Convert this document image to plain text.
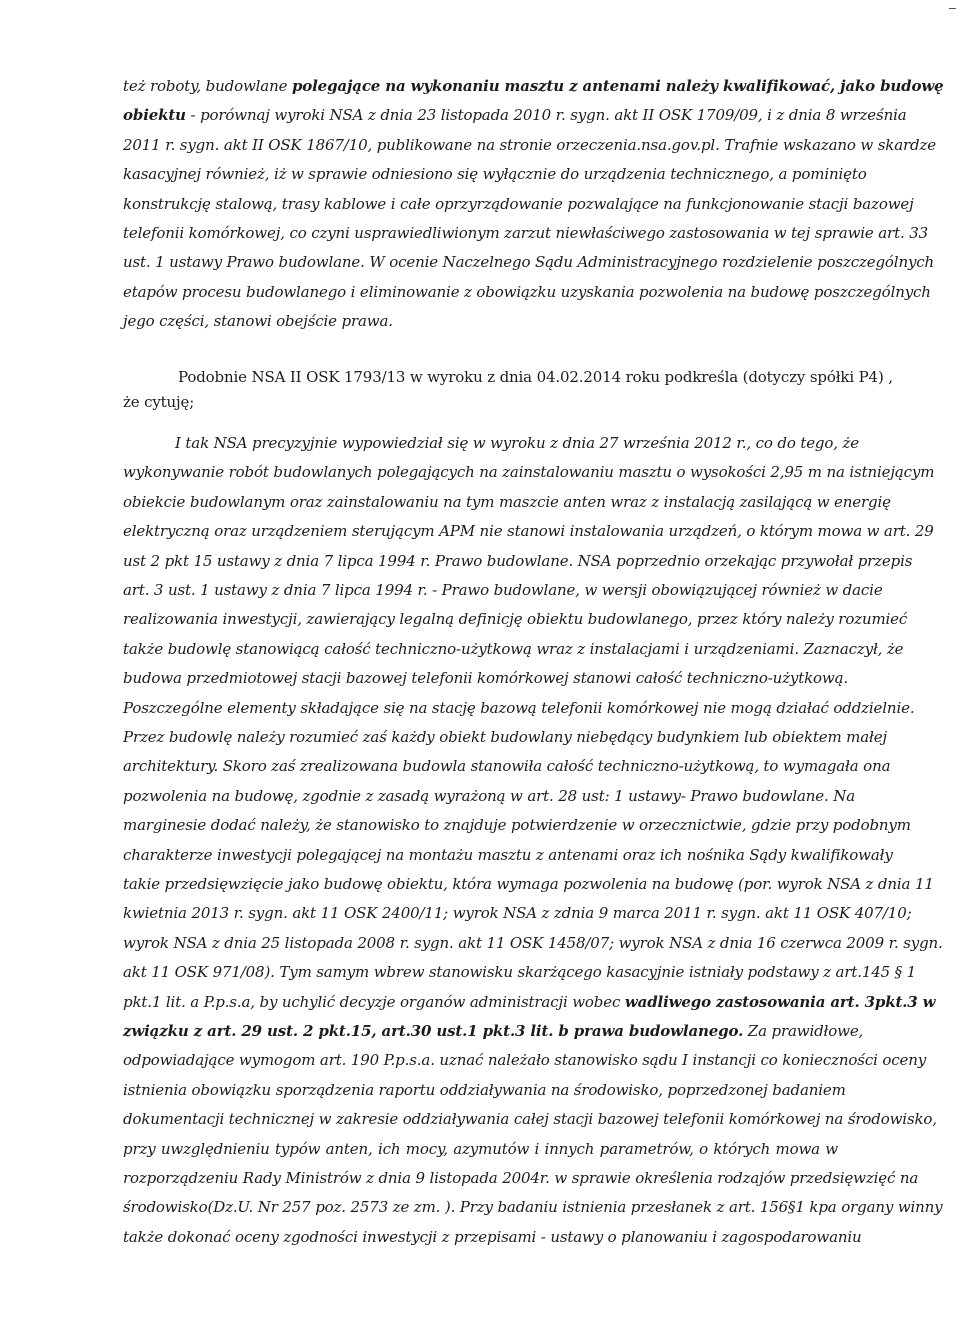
też roboty, budowlane polegające na wykonaniu masztu z antenami należy kwalifikować, jako budowę
obiektu - porównaj wyroki NSA z dnia 23 listopada 2010 r. sygn. akt II OSK 1709/09, i z dnia 8 września
2011 r. sygn. akt II OSK 1867/10, publikowane na stronie orzeczenia.nsa.gov.pl. Trafnie wskazano w skardze
kasacyjnej również, iż w sprawie odniesiono się wyłącznie do urządzenia technicznego, a pominięto
konstrukcję stalową, trasy kablowe i całe oprzyrządowanie pozwalające na funkcjonowanie stacji bazowej
telefonii komórkowej, co czyni usprawiedliwionym zarzut niewłaściwego zastosowania w tej sprawie art. 33
ust. 1 ustawy Prawo budowlane. W ocenie Naczelnego Sądu Administracyjnego rozdzielenie poszczególnych
etapów procesu budowlanego i eliminowanie z obowiązku uzyskania pozwolenia na budowę poszczególnych
jego części, stanowi obejście prawa.
Podobnie NSA II OSK 1793/13 w wyroku z dnia 04.02.2014 roku podkreśla (dotyczy spółki P4) ,
że cytuję;
I tak NSA precyzyjnie wypowiedział się w wyroku z dnia 27 września 2012 r., co do tego, że
wykonywanie robót budowlanych polegających na zainstalowaniu masztu o wysokości 2,95 m na istniejącym
obiekcie budowlanym oraz zainstalowaniu na tym maszcie anten wraz z instalacją zasilającą w energię
elektryczną oraz urządzeniem sterującym APM nie stanowi instalowania urządzeń, o którym mowa w art. 29
ust 2 pkt 15 ustawy z dnia 7 lipca 1994 r. Prawo budowlane. NSA poprzednio orzekając przywołał przepis
art. 3 ust. 1 ustawy z dnia 7 lipca 1994 r. - Prawo budowlane, w wersji obowiązującej również w dacie
realizowania inwestycji, zawierający legalną definicję obiektu budowlanego, przez który należy rozumieć
także budowlę stanowiącą całość techniczno-użytkową wraz z instalacjami i urządzeniami. Zaznaczył, że
budowa przedmiotowej stacji bazowej telefonii komórkowej stanowi całość techniczno-użytkową.
Poszczególne elementy składające się na stację bazową telefonii komórkowej nie mogą działać oddzielnie.
Przez budowlę należy rozumieć zaś każdy obiekt budowlany niebędący budynkiem lub obiektem małej
architektury. Skoro zaś zrealizowana budowla stanowiła całość techniczno-użytkową, to wymagała ona
pozwolenia na budowę, zgodnie z zasadą wyrażoną w art. 28 ust: 1 ustawy- Prawo budowlane. Na
marginesie dodać należy, że stanowisko to znajduje potwierdzenie w orzecznictwie, gdzie przy podobnym
charakterze inwestycji polegającej na montażu masztu z antenami oraz ich nośnika Sądy kwalifikowały
takie przedsięwzięcie jako budowę obiektu, która wymaga pozwolenia na budowę (por. wyrok NSA z dnia 11
kwietnia 2013 r. sygn. akt 11 OSK 2400/11; wyrok NSA z zdnia 9 marca 2011 r. sygn. akt 11 OSK 407/10;
wyrok NSA z dnia 25 listopada 2008 r. sygn. akt 11 OSK 1458/07; wyrok NSA z dnia 16 czerwca 2009 r. sygn.
akt 11 OSK 971/08). Tym samym wbrew stanowisku skarżącego kasacyjnie istniały podstawy z art.145 § 1
pkt.1 lit. a P.p.s.a, by uchylić decyzje organów administracji wobec wadliwego zastosowania art. 3pkt.3 w
związku z art. 29 ust. 2 pkt.15, art.30 ust.1 pkt.3 lit. b prawa budowlanego. Za prawidłowe,
odpowiadające wymogom art. 190 P.p.s.a. uznać należało stanowisko sądu I instancji co konieczności oceny
istnienia obowiązku sporządzenia raportu oddziaływania na środowisko, poprzedzonej badaniem
dokumentacji technicznej w zakresie oddziaływania całej stacji bazowej telefonii komórkowej na środowisko,
przy uwzględnieniu typów anten, ich mocy, azymutów i innych parametrów, o których mowa w
rozporządzeniu Rady Ministrów z dnia 9 listopada 2004r. w sprawie określenia rodzajów przedsięwzięć na
środowisko(Dz.U. Nr 257 poz. 2573 ze zm. ). Przy badaniu istnienia przesłanek z art. 156§1 kpa organy winny
także dokonać oceny zgodności inwestycji z przepisami - ustawy o planowaniu i zagospodarowaniu
